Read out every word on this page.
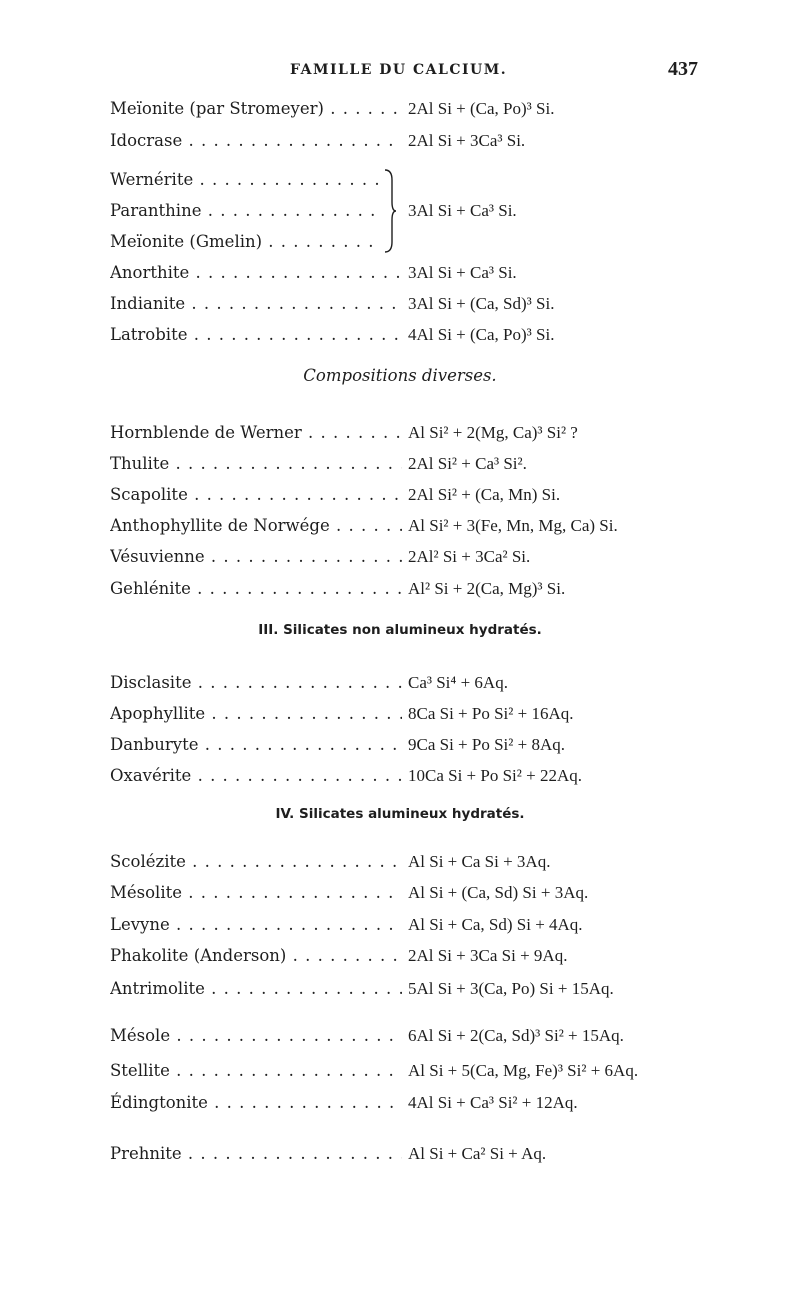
FAMILLE DU CALCIUM.	437
Meïonite (par Stromeyer) . . .	2Al Si + (Ca, Po)³ Si.
Idocrase . . .	2Al Si + 3Ca³ Si.
Wernérite . . .
Paranthine . . .	3Al Si + Ca³ Si.
Meïonite (Gmelin) . . .
Anorthite . . .	3Al Si + Ca³ Si.
Indianite . . .	3Al Si + (Ca, Sd)³ Si.
Latrobite . . .	4Al Si + (Ca, Po)³ Si.
Compositions diverses.
Hornblende de Werner . . .	Al Si² + 2(Mg, Ca)³ Si² ?
Thulite . . .	2Al Si² + Ca³ Si².
Scapolite . . .	2Al Si² + (Ca, Mn) Si.
Anthophyllite de Norwége . . .	Al Si² + 3(Fe, Mn, Mg, Ca) Si.
Vésuvienne . . .	2Al² Si + 3Ca² Si.
Gehlénite . . .	Al² Si + 2(Ca, Mg)³ Si.
III. Silicates non alumineux hydratés.
Disclasite . . .	Ca³ Si⁴ + 6Aq.
Apophyllite . . .	8Ca Si + Po Si² + 16Aq.
Danburyte . . .	9Ca Si + Po Si² + 8Aq.
Oxavérite . . .	10Ca Si + Po Si² + 22Aq.
IV. Silicates alumineux hydratés.
Scolézite . . .	Al Si + Ca Si + 3Aq.
Mésolite . . .	Al Si + (Ca, Sd) Si + 3Aq.
Levyne . . .	Al Si + Ca, Sd) Si + 4Aq.
Phakolite (Anderson) . . .	2Al Si + 3Ca Si + 9Aq.
Antrimolite . . .	5Al Si + 3(Ca, Po) Si + 15Aq.
Mésole . . .	6Al Si + 2(Ca, Sd)³ Si² + 15Aq.
Stellite . . .	Al Si + 5(Ca, Mg, Fe)³ Si² + 6Aq.
Édingtonite . . .	4Al Si + Ca³ Si² + 12Aq.
Prehnite . . .	Al Si + Ca² Si + Aq.
